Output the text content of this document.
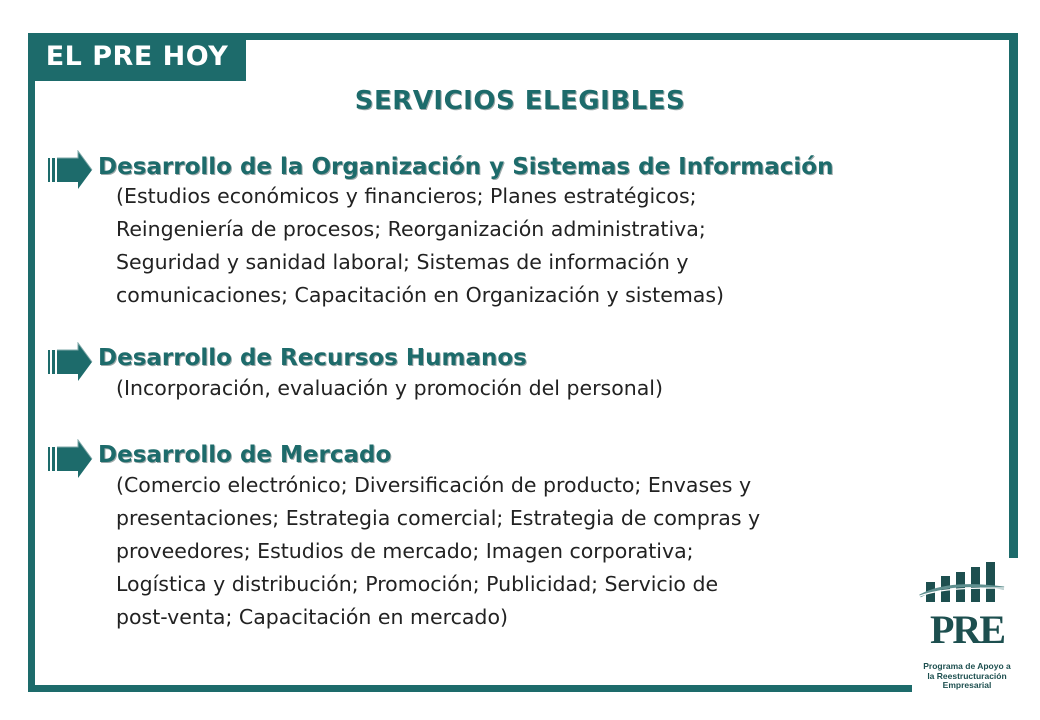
EL PRE HOY
SERVICIOS ELEGIBLES
Desarrollo de la Organización y Sistemas de Información
(Estudios económicos y financieros; Planes estratégicos;
Reingeniería de procesos; Reorganización administrativa;
Seguridad y sanidad laboral; Sistemas de información y
comunicaciones; Capacitación en Organización y sistemas)
Desarrollo de Recursos Humanos
(Incorporación, evaluación y promoción del personal)
Desarrollo de Mercado
(Comercio electrónico; Diversificación de producto; Envases y
presentaciones; Estrategia comercial; Estrategia de compras y
proveedores; Estudios de mercado; Imagen corporativa;
Logística y distribución; Promoción; Publicidad; Servicio de
post-venta; Capacitación en mercado)	PRE
Programa de Apoyo a
la Reestructuración
Empresarial
